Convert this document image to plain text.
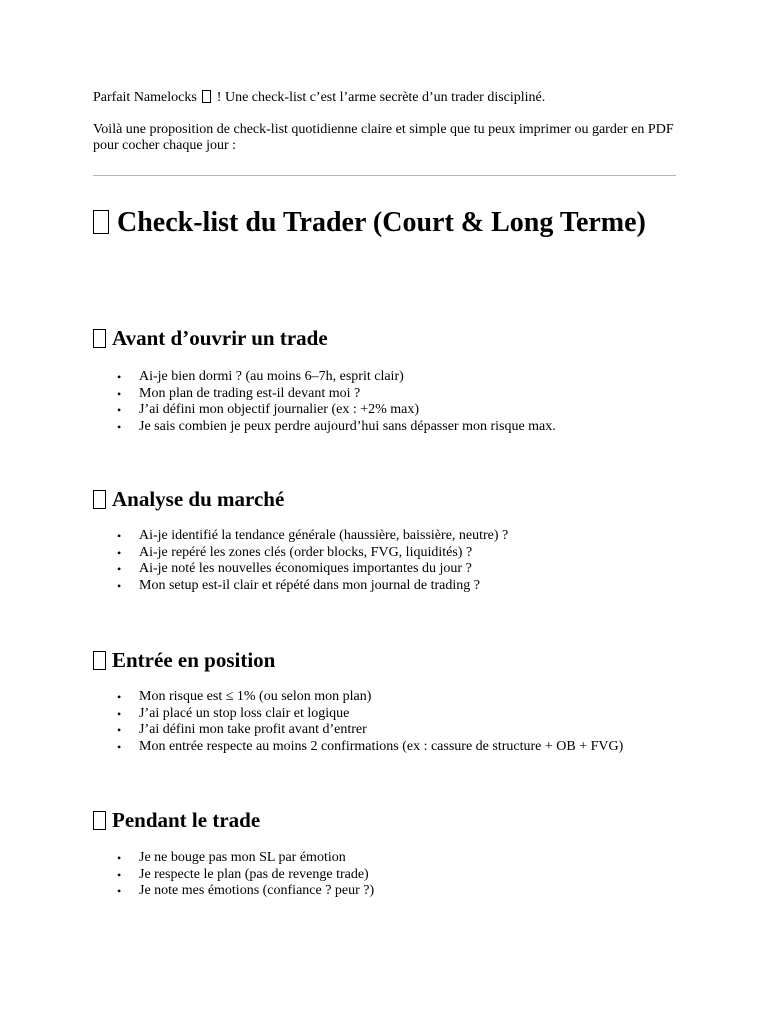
Parfait Namelocks ! Une check-list c’est l’arme secrète d’un trader discipliné.

Voilà une proposition de check-list quotidienne claire et simple que tu peux imprimer ou garder en PDF pour cocher chaque jour :

Check-list du Trader (Court & Long Terme)
Avant d’ouvrir un trade
• Ai-je bien dormi ? (au moins 6–7h, esprit clair)
• Mon plan de trading est-il devant moi ?
• J’ai défini mon objectif journalier (ex : +2% max)
• Je sais combien je peux perdre aujourd’hui sans dépasser mon risque max.
Analyse du marché
• Ai-je identifié la tendance générale (haussière, baissière, neutre) ?
• Ai-je repéré les zones clés (order blocks, FVG, liquidités) ?
• Ai-je noté les nouvelles économiques importantes du jour ?
• Mon setup est-il clair et répété dans mon journal de trading ?
Entrée en position
• Mon risque est ≤ 1% (ou selon mon plan)
• J’ai placé un stop loss clair et logique
• J’ai défini mon take profit avant d’entrer
• Mon entrée respecte au moins 2 confirmations (ex : cassure de structure + OB + FVG)
Pendant le trade
• Je ne bouge pas mon SL par émotion
• Je respecte le plan (pas de revenge trade)
• Je note mes émotions (confiance ? peur ?)
